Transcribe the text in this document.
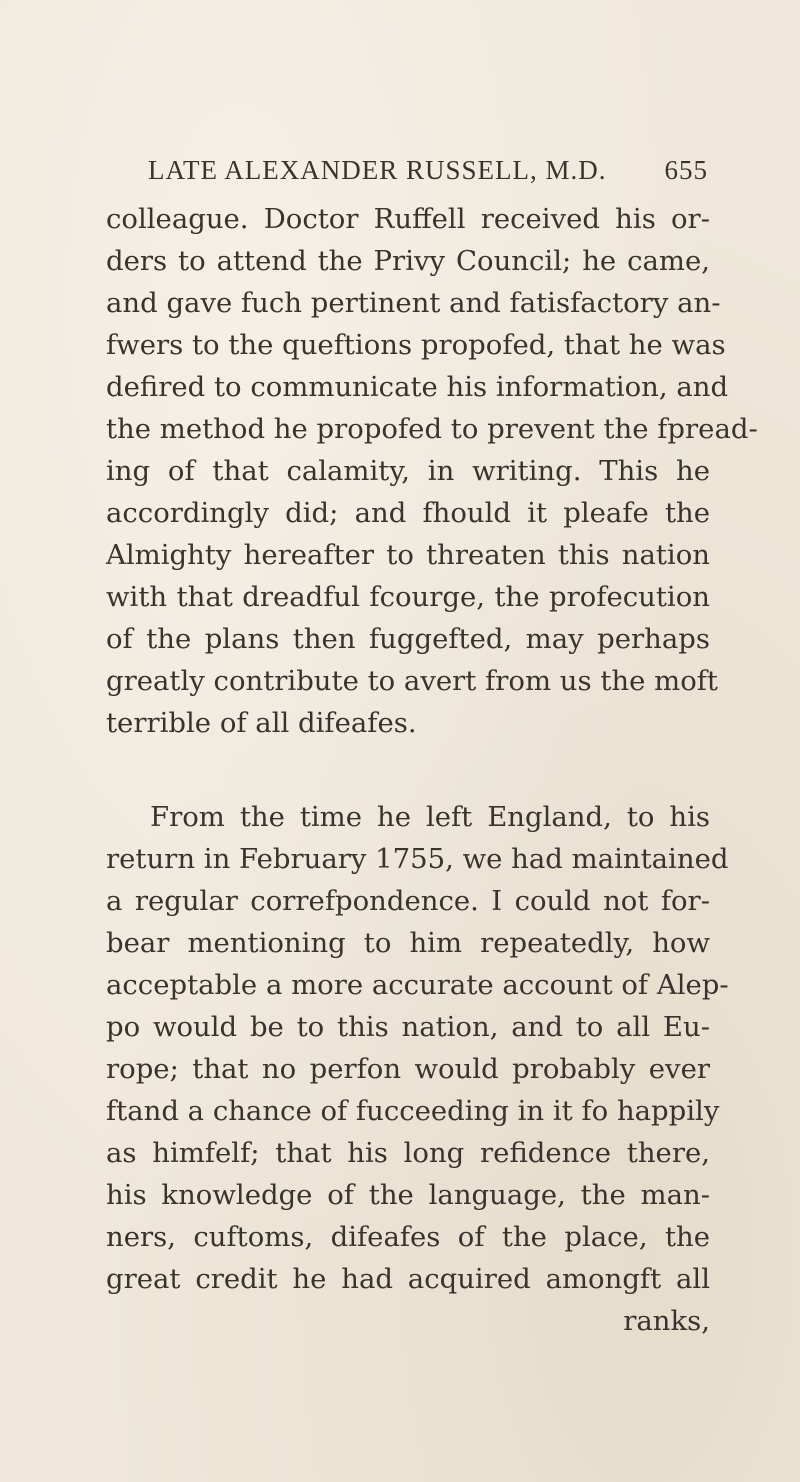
LATE ALEXANDER RUSSELL, M.D. 655
colleague. Doctor Ruffell received his or-
ders to attend the Privy Council; he came,
and gave fuch pertinent and fatisfactory an-
fwers to the queftions propofed, that he was
defired to communicate his information, and
the method he propofed to prevent the fpread-
ing of that calamity, in writing. This he
accordingly did; and fhould it pleafe the
Almighty hereafter to threaten this nation
with that dreadful fcourge, the profecution
of the plans then fuggefted, may perhaps
greatly contribute to avert from us the moft
terrible of all difeafes.
From the time he left England, to his
return in February 1755, we had maintained
a regular correfpondence. I could not for-
bear mentioning to him repeatedly, how
acceptable a more accurate account of Alep-
po would be to this nation, and to all Eu-
rope; that no perfon would probably ever
ftand a chance of fucceeding in it fo happily
as himfelf; that his long refidence there,
his knowledge of the language, the man-
ners, cuftoms, difeafes of the place, the
great credit he had acquired amongft all
ranks,
